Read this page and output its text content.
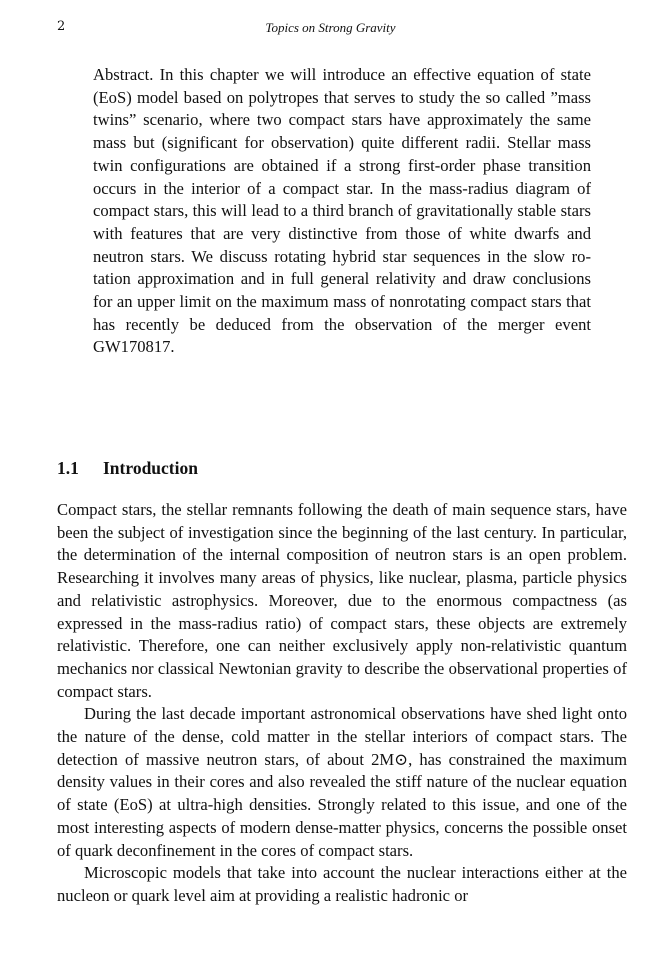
2	Topics on Strong Gravity

Abstract. In this chapter we will introduce an effective equation of state (EoS) model based on polytropes that serves to study the so called ”mass twins” scenario, where two compact stars have approximately the same mass but (significant for observation) quite different radii. Stellar mass twin configurations are obtained if a strong first-order phase transition occurs in the interior of a compact star. In the mass-radius diagram of compact stars, this will lead to a third branch of gravitationally stable stars with features that are very distinctive from those of white dwarfs and neutron stars. We discuss rotating hybrid star sequences in the slow rotation approximation and in full general relativity and draw conclusions for an upper limit on the maximum mass of nonrotating compact stars that has recently be deduced from the observation of the merger event GW170817.

1.1 Introduction

Compact stars, the stellar remnants following the death of main sequence stars, have been the subject of investigation since the beginning of the last century. In particular, the determination of the internal composition of neutron stars is an open problem. Researching it involves many areas of physics, like nuclear, plasma, particle physics and relativistic astrophysics. Moreover, due to the enormous compactness (as expressed in the mass-radius ratio) of compact stars, these objects are extremely relativistic. Therefore, one can neither exclusively apply non-relativistic quantum mechanics nor classical Newtonian gravity to describe the observational properties of compact stars.

During the last decade important astronomical observations have shed light onto the nature of the dense, cold matter in the stellar interiors of compact stars. The detection of massive neutron stars, of about 2M⊙, has constrained the maximum density values in their cores and also revealed the stiff nature of the nuclear equation of state (EoS) at ultra-high densities. Strongly related to this issue, and one of the most interesting aspects of modern dense-matter physics, concerns the possible onset of quark deconfinement in the cores of compact stars.

Microscopic models that take into account the nuclear interactions either at the nucleon or quark level aim at providing a realistic hadronic or
